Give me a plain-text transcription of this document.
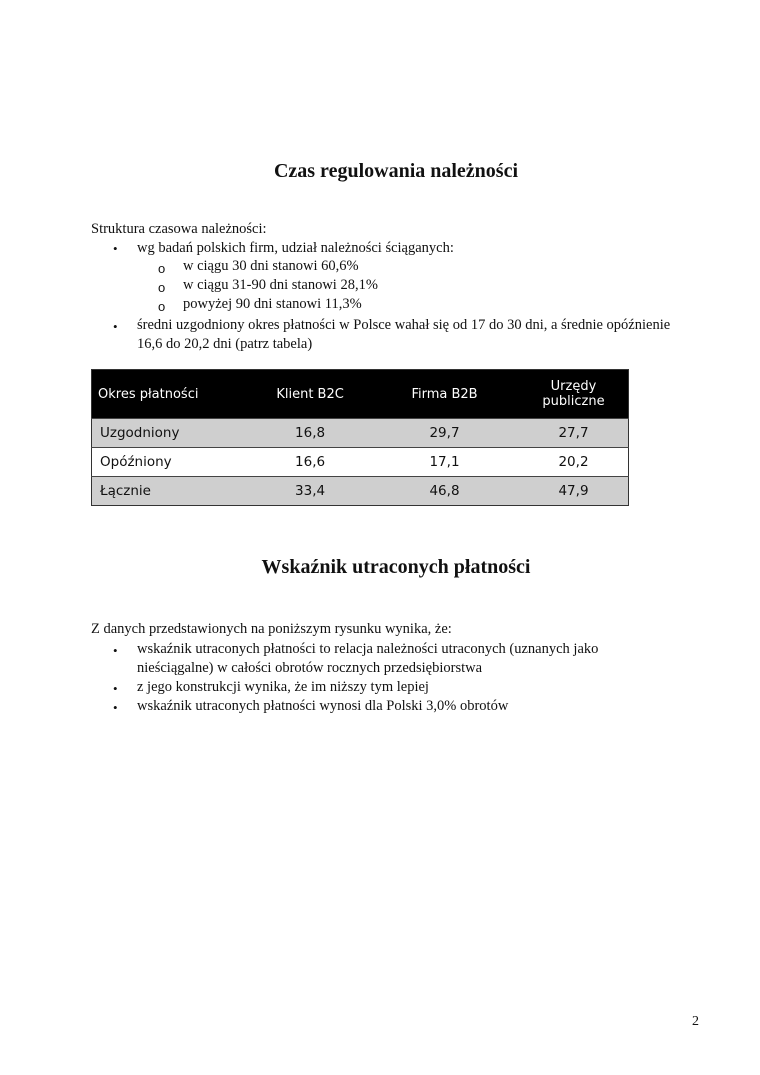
Czas regulowania należności
Struktura czasowa należności:
• wg badań polskich firm, udział należności ściąganych:
o w ciągu 30 dni stanowi 60,6%
o w ciągu 31-90 dni stanowi 28,1%
o powyżej 90 dni stanowi 11,3%
• średni uzgodniony okres płatności w Polsce wahał się od 17 do 30 dni, a średnie opóźnienie 16,6 do 20,2 dni (patrz tabela)
Okres płatności	Klient B2C	Firma B2B	Urzędy publiczne
Uzgodniony	16,8	29,7	27,7
Opóźniony	16,6	17,1	20,2
Łącznie	33,4	46,8	47,9
Wskaźnik utraconych płatności
Z danych przedstawionych na poniższym rysunku wynika, że:
• wskaźnik utraconych płatności to relacja należności utraconych (uznanych jako nieściągalne) w całości obrotów rocznych przedsiębiorstwa
• z jego konstrukcji wynika, że im niższy tym lepiej
• wskaźnik utraconych płatności wynosi dla Polski 3,0% obrotów
2
